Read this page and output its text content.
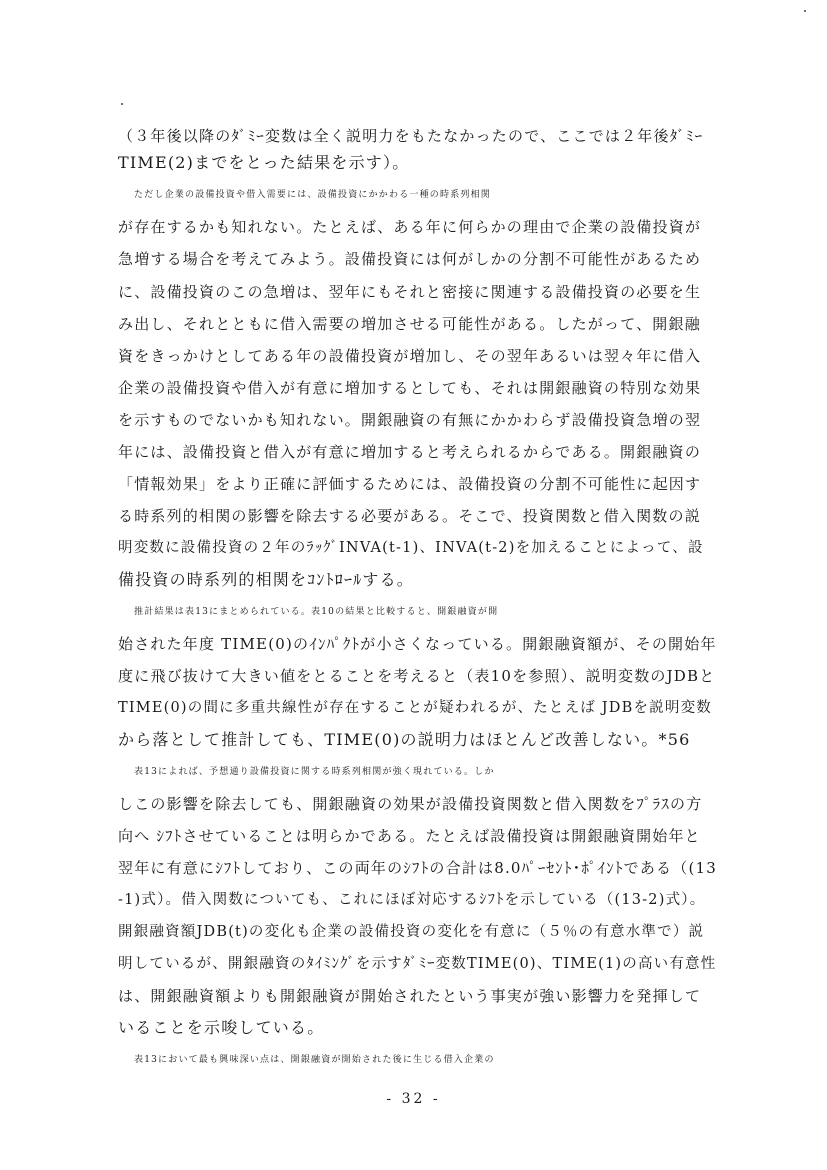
（３年後以降のﾀﾞﾐｰ変数は全く説明力をもたなかったので、ここでは２年後ﾀﾞﾐｰ
TIME(2)までをとった結果を示す）。
ただし企業の設備投資や借入需要には、設備投資にかかわる一種の時系列相関
が存在するかも知れない。たとえば、ある年に何らかの理由で企業の設備投資が
急増する場合を考えてみよう。設備投資には何がしかの分割不可能性があるため
に、設備投資のこの急増は、翌年にもそれと密接に関連する設備投資の必要を生
み出し、それとともに借入需要の増加させる可能性がある。したがって、開銀融
資をきっかけとしてある年の設備投資が増加し、その翌年あるいは翌々年に借入
企業の設備投資や借入が有意に増加するとしても、それは開銀融資の特別な効果
を示すものでないかも知れない。開銀融資の有無にかかわらず設備投資急増の翌
年には、設備投資と借入が有意に増加すると考えられるからである。開銀融資の
「情報効果」をより正確に評価するためには、設備投資の分割不可能性に起因す
る時系列的相関の影響を除去する必要がある。そこで、投資関数と借入関数の説
明変数に設備投資の２年のﾗｯｸﾞINVA(t-1)、INVA(t-2)を加えることによって、設
備投資の時系列的相関をｺﾝﾄﾛｰﾙする。
推計結果は表13にまとめられている。表10の結果と比較すると、開銀融資が開
始された年度 TIME(0)のｲﾝﾊﾟｸﾄが小さくなっている。開銀融資額が、その開始年
度に飛び抜けて大きい値をとることを考えると（表10を参照）、説明変数のJDBと
TIME(0)の間に多重共線性が存在することが疑われるが、たとえば JDBを説明変数
から落として推計しても、TIME(0)の説明力はほとんど改善しない。*56
表13によれば、予想通り設備投資に関する時系列相関が強く現れている。しか
しこの影響を除去しても、開銀融資の効果が設備投資関数と借入関数をﾌﾟﾗｽの方
向へ ｼﾌﾄさせていることは明らかである。たとえば設備投資は開銀融資開始年と
翌年に有意にｼﾌﾄしており、この両年のｼﾌﾄの合計は8.0ﾊﾟｰｾﾝﾄ･ﾎﾟｲﾝﾄである（(13
-1)式）。借入関数についても、これにほぼ対応するｼﾌﾄを示している（(13-2)式）。
開銀融資額JDB(t)の変化も企業の設備投資の変化を有意に（５％の有意水準で）説
明しているが、開銀融資のﾀｲﾐﾝｸﾞを示すﾀﾞﾐｰ変数TIME(0)、TIME(1)の高い有意性
は、開銀融資額よりも開銀融資が開始されたという事実が強い影響力を発揮して
いることを示唆している。
表13において最も興味深い点は、開銀融資が開始された後に生じる借入企業の
- 32 -
